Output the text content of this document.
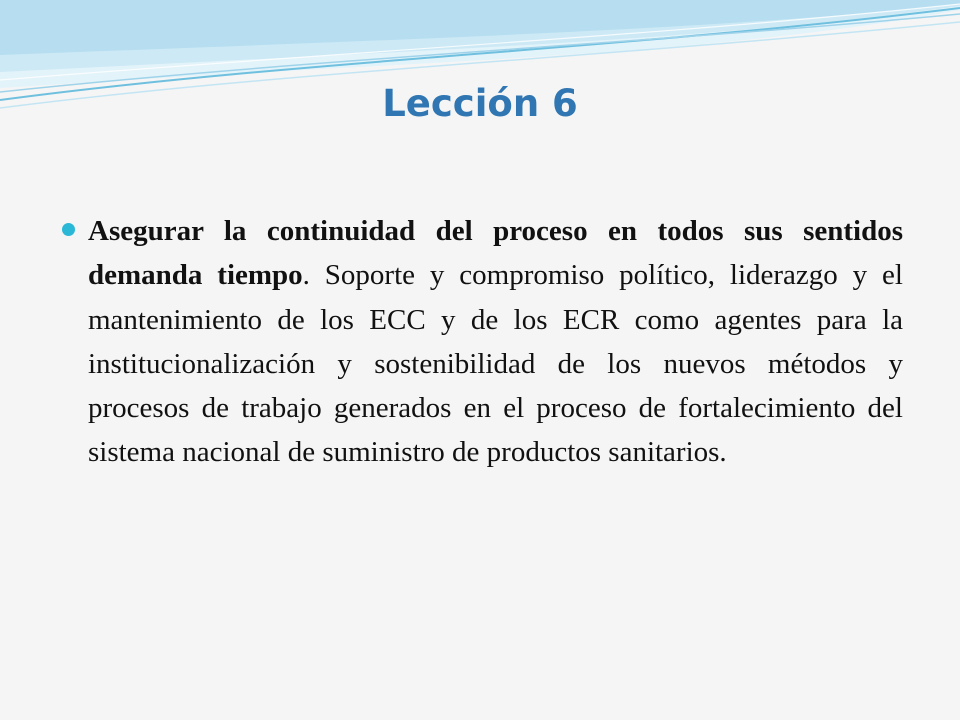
Lección 6

Asegurar la continuidad del proceso en todos sus sentidos demanda tiempo. Soporte y compromiso político, liderazgo y el mantenimiento de los ECC y de los ECR como agentes para la institucionalización y sostenibilidad de los nuevos métodos y procesos de trabajo generados en el proceso de fortalecimiento del sistema nacional de suministro de productos sanitarios.
